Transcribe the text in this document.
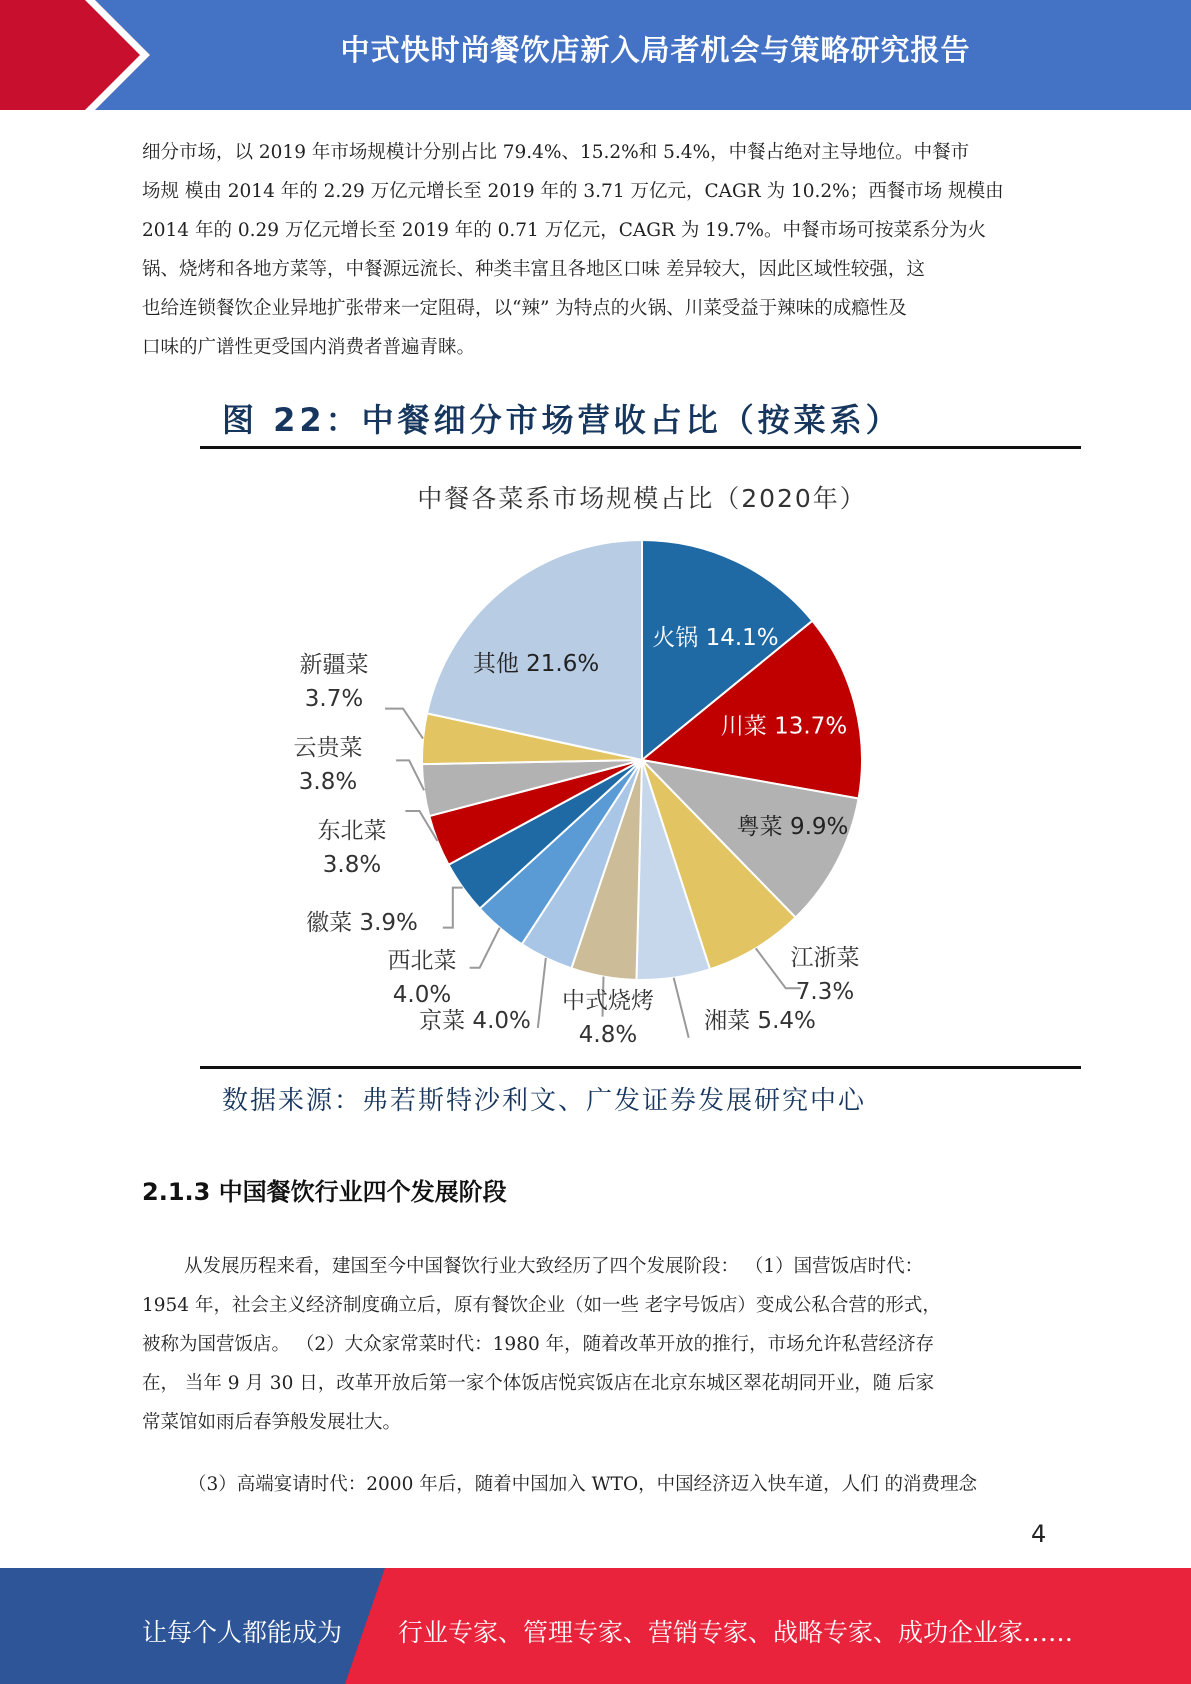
中式快时尚餐饮店新入局者机会与策略研究报告

细分市场，以 2019 年市场规模计分别占比 79.4%、15.2%和 5.4%，中餐占绝对主导地位。中餐市

场规 模由 2014 年的 2.29 万亿元增长至 2019 年的 3.71 万亿元，CAGR 为 10.2%；西餐市场 规模由

2014 年的 0.29 万亿元增长至 2019 年的 0.71 万亿元，CAGR 为 19.7%。中餐市场可按菜系分为火

锅、烧烤和各地方菜等，中餐源远流长、种类丰富且各地区口味 差异较大，因此区域性较强，这

也给连锁餐饮企业异地扩张带来一定阻碍，以“辣” 为特点的火锅、川菜受益于辣味的成瘾性及

口味的广谱性更受国内消费者普遍青睐。

图 22：中餐细分市场营收占比（按菜系）
中餐各菜系市场规模占比（2020年）
火锅 14.1%
川菜 13.7%
粤菜 9.9%
其他 21.6%
江浙菜 7.3%
湘菜 5.4%
中式烧烤 4.8%
京菜 4.0%
西北菜 4.0%
徽菜 3.9%
东北菜 3.8%
云贵菜 3.8%
新疆菜 3.7%
数据来源：弗若斯特沙利文、广发证券发展研究中心
2.1.3 中国餐饮行业四个发展阶段

从发展历程来看，建国至今中国餐饮行业大致经历了四个发展阶段： （1）国营饭店时代：

1954 年，社会主义经济制度确立后，原有餐饮企业（如一些 老字号饭店）变成公私合营的形式，

被称为国营饭店。 （2）大众家常菜时代：1980 年，随着改革开放的推行，市场允许私营经济存

在， 当年 9 月 30 日，改革开放后第一家个体饭店悦宾饭店在北京东城区翠花胡同开业，随 后家

常菜馆如雨后春笋般发展壮大。

（3）高端宴请时代：2000 年后，随着中国加入 WTO，中国经济迈入快车道，人们 的消费理念

4
让每个人都能成为 行业专家、管理专家、营销专家、战略专家、成功企业家……
